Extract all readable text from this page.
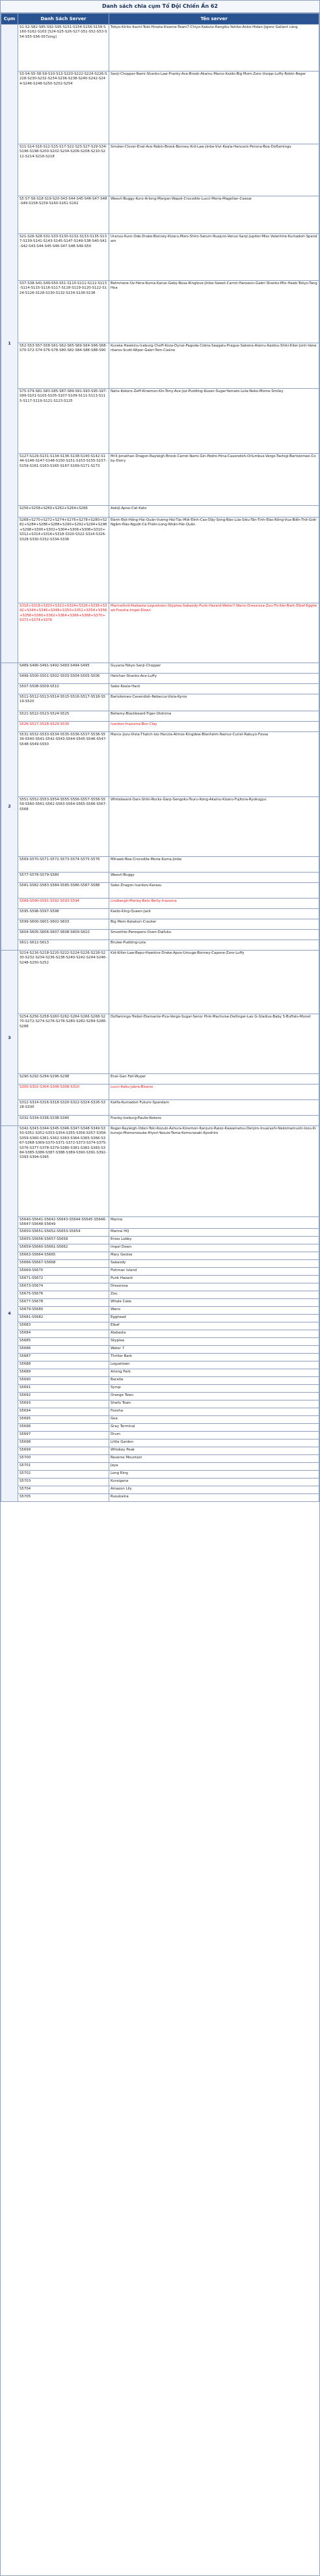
Danh sách chia cụm Tổ Đội Chiến Ấn 62
Cụm	Danh Sách Server	Tên server
1	S1-S2-S82-S85-S92-S95-S151-S154-S156-S158-S160-S162-S163 [S24-S25-S26-S27-S51-S52-S53-S54-S55-S56-S57zing]	Tokyo-Kirito-Itachi-Tobi-Hinata-Kisame-Team7-Chiyo-Kabuto-Rangiku-Yahiko-Anko-Hidan-Jigoro-Gallant cảng
	S3-S4-S5-S8-S9-S10-S13-S220-S222-S224-S226-S228-S230-S232-S234-S236-S238-S240-S242-S244-S246-S248-S250-S252-S254	Sanji-Chopper-Nami-Shanks-Law-Franky-Ace-Brook-Akainu-Marco-Kaido-Big Mom-Zoro-Usopp-Luffy-Robin-Roger
	S11-S14-S16-S12-S15-S17-S22-S23-S27-S29-S34-S196-S198-S200-S202-S204-S206-S208-S210-S212-S214-S216-S218	Smoker-Clover-Enel-Ace-Robin-Brook-Bonney-Kid-Law-Jinbe-Vivi-Koala-Hancock-Perona-Boa-Doflamingo
	S5-S7-S9-S18-S19-S20-S43-S44-S45-S46-S47-S48-S49-S158-S159-S160-S161-S162	Weevil-Buggy-Kuro-Arlong-Morgan-Wapol-Crocodile-Lucci-Moria-Magellan-Caesar
	S21-S26-S28-S32-S33-S130-S132-S133-S135-S137-S139-S141-S143-S145-S147-S149-S38-S40-S41-S42-S43-S44-S45-S46-S47-S48-S49-S50	Uranus-Kuro-Ode-Drake-Bonney-Kizaru-Mars-Shiro-Saturn-Nusjuro-Venus-Sanji-Jupiter-Miss Valentine-Kumadori-Spandam
	S37-S38-S41-S49-S50-S51-S110-S111-S112-S113-S114-S115-S116-S117-S118-S119-S120-S122-S124-S126-S128-S130-S132-S134-S136-S138	Belmmere-Oz-Hera-Kuma-Karue-Gaby-Rosa-Kinglove-Jinbe-Sweet-Carrot-Hanseon-Gabri-Shanks-Mix-Hawk-Tokyo-Tang Hoa
	S52-S53-S57-S58-S61-S62-S65-S69-S64-S66-S68-S70-S72-S74-S76-S78-S80-S82-S84-S86-S88-S90	Kuraka-Hawkins-Iceburg-Cheff-Koza-Dynai-Pagoda-Cobra-Seagalu-Prague-Sabone-Alamu-Kaidou-Shiki-Kiler-Jonh-Vanerbaros-Scott-Wiper-Gabri-Tom-Casino
	S75-S79-S81-S83-S85-S87-S89-S91-S93-S95-S97-S99-S101-S103-S105-S107-S109-S111-S113-S115-S117-S119-S121-S123-S125	Nahs-Kokoro-Zeff-Kinemon-Kin-Tony-Ace-Joz-Pudding-Kuzan-Sugar-Yamato-Lola-Neko-Momo-Smiley
	S127-S129-S131-S134-S136-S138-S140-S142-S144-S146-S147-S148-S150-S151-S153-S155-S157-S159-S161-S163-S165-S167-S169-S171-S173	Mr3-Jonathan-Dragon-Rayleigh-Brook-Carrot-Nami-Gin-Pedro-Hina-Cavendish-Orlumbus-Vergo-Tashigi-Bartolomeo-Coby-Dorry
	S256+S258+S260+S262+S264+S266	Aokiji-Apoo-Cat-Kato
	S268+S270+S272+S274+S276+S278+S280+S282+S284+S286+S288+S290+S292+S294+S296+S298+S300+S302+S304+S306+S308+S310+S312+S314+S316+S318-S320-S322-S324-S326-S328-S330-S332-S334-S336	Đánh-Đột-Hồng-Hải-Quân-Vương-Hải-Tặc-Mới-Đỉnh-Cao-Dậy-Sóng-Bão-Lửa-Siêu-Tân-Tinh-Đảo-Rồng-Vua-Biển-Thế-Giới-Ngầm-Đảo-Người-Cá-Thiên-Long-Nhân-Hải-Quân
	S316+S318+S320+S322+S324+S326+S336+S342+S344+S346+S348+S350+S352+S354+S356+S358+S360+S362+S364+S366+S368+S370+S372+S374+S376	Marineford-Alabasta-Loguetown-Skypiea-Sabaody-Punk-Hazard-Water7-Wano-Dressrosa-Zou-Thriller-Bark-Elbaf-Egghead-Foosha-Impel-Down
2	S489-S490-S491-S492-S493-S494-S495	Guyana-Tokyo-Sanji-Chopper
	S499-S500-S501-S502-S503-S504-S505-S506	Hatchan-Shanks-Ace-Luffy
	S507-S508-S509-S510	Sabo-Koala-Hack
	S511-S512-S513-S514-S515-S516-S517-S518-S519-S520	Bartolomeo-Cavendish-Rebecca-Viola-Kyros
	S521-S522-S523-S524-S525	Bellamy-Blackbeard-Tiger-Otohime
	S526-S527-S528-S529-S530	Ivankov-Inazuma-Bon Clay
	S531-S532-S533-S534-S535-S536-S537-S538-S539-S540-S541-S542-S543-S544-S545-S546-S547-S548-S549-S550	Marco-Jozu-Vista-Thatch-Izo-Haruta-Atmos-Kingdew-Blenheim-Namur-Curiel-Rakuyo-Fossa
	S551-S552-S553-S554-S555-S556-S557-S558-S559-S560-S561-S562-S563-S564-S565-S566-S567-S568	Whitebeard-Oars-Shiki-Rocks-Garp-Sengoku-Tsuru-Kong-Akainu-Kizaru-Fujitora-Ryokugyu
	S569-S570-S571-S572-S573-S574-S575-S576	Mihawk-Boa-Crocodile-Moria-Kuma-Jinbe
	S577-S578-S579-S580	Weevil-Buggy
	S581-S582-S583-S584-S585-S586-S587-S588	Sabo-Dragon-Ivankov-Karasu
	S589-S590-S591-S592-S593-S594	Lindbergh-Morley-Belo Betty-Inazuma
	S595-S596-S597-S598	Kaido-King-Queen-Jack
	S599-S600-S601-S602-S603	Big Mom-Katakuri-Cracker
	S604-S605-S606-S607-S608-S609-S610	Smoothie-Perospero-Oven-Daifuku
	S611-S612-S613	Brulee-Pudding-Lola
3	S214-S216-S218-S220-S222-S224-S226-S228-S230-S232-S234-S236-S238-S240-S242-S244-S246-S248-S250-S252	Kid-Killer-Law-Bepo-Hawkins-Drake-Apoo-Urouge-Bonney-Capone-Zoro-Luffy
	S254-S256-S258-S260-S262-S264-S266-S268-S270-S272-S274-S276-S278-S280-S282-S284-S286-S288	Doflamingo-Trebol-Diamante-Pica-Vergo-Sugar-Senor Pink-Machvise-Dellinger-Lao G-Gladius-Baby 5-Buffalo-Monet
	S290-S292-S294-S296-S298	Enel-Gan Fall-Wyper
	S300-S302-S304-S306-S308-S310	Lucci-Kaku-Jabra-Blueno
	S312-S314-S316-S318-S320-S322-S324-S326-S328-S330	Kalifa-Kumadori-Fukuro-Spandam
	S332-S334-S336-S338-S340	Franky-Iceburg-Paulie-Kokoro
4	S342-S343-S344-S345-S346-S347-S348-S349-S350-S351-S352-S353-S354-S355-S356-S357-S358-S359-S360-S361-S362-S363-S364-S365-S366-S367-S368-S369-S370-S371-S372-S373-S374-S375-S376-S377-S378-S379-S380-S381-S382-S383-S384-S385-S386-S387-S388-S389-S390-S391-S392-S393-S394-S395	Roger-Rayleigh-Oden-Toki-Kozuki-Ashura-Kinemon-Kanjuro-Raizo-Kawamatsu-Denjiro-Inuarashi-Nekomamushi-Izou-Kikunojo-Momonosuke-Hiyori-Yasuie-Tama-Komurasaki-Kyoshiro
	S5640-S5641-S5642-S5643-S5644-S5645-S5646-S5647-S5648-S5649	Marine
	S5650-S5651-S5652-S5653-S5654	Marine HQ
	S5655-S5656-S5657-S5658	Enies Lobby
	S5659-S5660-S5661-S5662	Impel Down
	S5663-S5664-S5665	Mary Geoise
	S5666-S5667-S5668	Sabaody
	S5669-S5670	Fishman Island
	S5671-S5672	Punk Hazard
	S5673-S5674	Dressrosa
	S5675-S5676	Zou
	S5677-S5678	Whole Cake
	S5679-S5680	Wano
	S5681-S5682	Egghead
	S5683	Elbaf
	S5684	Alabasta
	S5685	Skypiea
	S5686	Water 7
	S5687	Thriller Bark
	S5688	Loguetown
	S5689	Arlong Park
	S5690	Baratie
	S5691	Syrup
	S5692	Orange Town
	S5693	Shells Town
	S5694	Foosha
	S5695	Goa
	S5696	Gray Terminal
	S5697	Drum
	S5698	Little Garden
	S5699	Whiskey Peak
	S5700	Reverse Mountain
	S5701	Jaya
	S5702	Long Ring
	S5703	Kuraigana
	S5704	Amazon Lily
	S5705	Rusukaina
